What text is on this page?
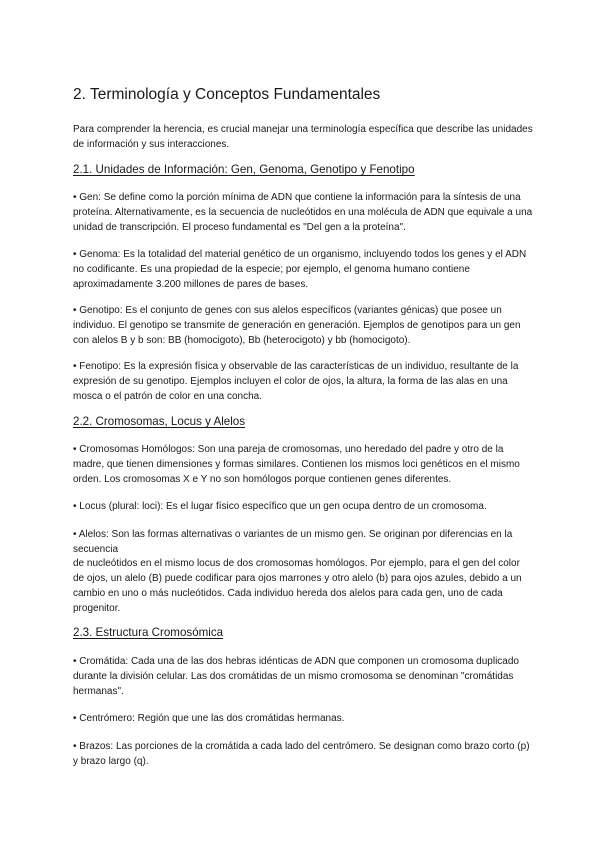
2. Terminología y Conceptos Fundamentales

Para comprender la herencia, es crucial manejar una terminología específica que describe las unidades de información y sus interacciones.

2.1. Unidades de Información: Gen, Genoma, Genotipo y Fenotipo

• Gen: Se define como la porción mínima de ADN que contiene la información para la síntesis de una proteína. Alternativamente, es la secuencia de nucleótidos en una molécula de ADN que equivale a una unidad de transcripción. El proceso fundamental es "Del gen a la proteína".

• Genoma: Es la totalidad del material genético de un organismo, incluyendo todos los genes y el ADN no codificante. Es una propiedad de la especie; por ejemplo, el genoma humano contiene aproximadamente 3.200 millones de pares de bases.

• Genotipo: Es el conjunto de genes con sus alelos específicos (variantes génicas) que posee un individuo. El genotipo se transmite de generación en generación. Ejemplos de genotipos para un gen con alelos B y b son: BB (homocigoto), Bb (heterocigoto) y bb (homocigoto).

• Fenotipo: Es la expresión física y observable de las características de un individuo, resultante de la expresión de su genotipo. Ejemplos incluyen el color de ojos, la altura, la forma de las alas en una mosca o el patrón de color en una concha.

2.2. Cromosomas, Locus y Alelos

• Cromosomas Homólogos: Son una pareja de cromosomas, uno heredado del padre y otro de la madre, que tienen dimensiones y formas similares. Contienen los mismos loci genéticos en el mismo orden. Los cromosomas X e Y no son homólogos porque contienen genes diferentes.

• Locus (plural: loci): Es el lugar físico específico que un gen ocupa dentro de un cromosoma.

• Alelos: Son las formas alternativas o variantes de un mismo gen. Se originan por diferencias en la secuencia

de nucleótidos en el mismo locus de dos cromosomas homólogos. Por ejemplo, para el gen del color de ojos, un alelo (B) puede codificar para ojos marrones y otro alelo (b) para ojos azules, debido a un cambio en uno o más nucleótidos. Cada individuo hereda dos alelos para cada gen, uno de cada progenitor.

2.3. Estructura Cromosómica

• Cromátida: Cada una de las dos hebras idénticas de ADN que componen un cromosoma duplicado durante la división celular. Las dos cromátidas de un mismo cromosoma se denominan "cromátidas hermanas".

• Centrómero: Región que une las dos cromátidas hermanas.

• Brazos: Las porciones de la cromátida a cada lado del centrómero. Se designan como brazo corto (p) y brazo largo (q).
